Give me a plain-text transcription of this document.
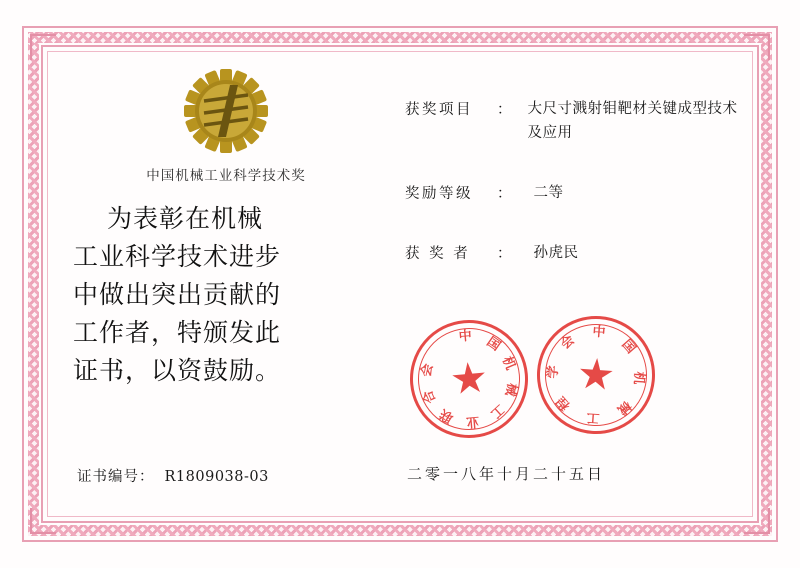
中国机械工业科学技术奖
为表彰在机械
工业科学技术进步
中做出突出贡献的
工作者，特颁发此
证书，以资鼓励。
证书编号： R1809038-03
获奖项目	：	大尺寸溅射钼靶材关键成型技术及应用
奖励等级	：	二等
获 奖 者	：	孙虎民
中 国
机
械
工
业
联
合
会
中
国
机
械
工
程
学
会
二零一八年十月二十五日
